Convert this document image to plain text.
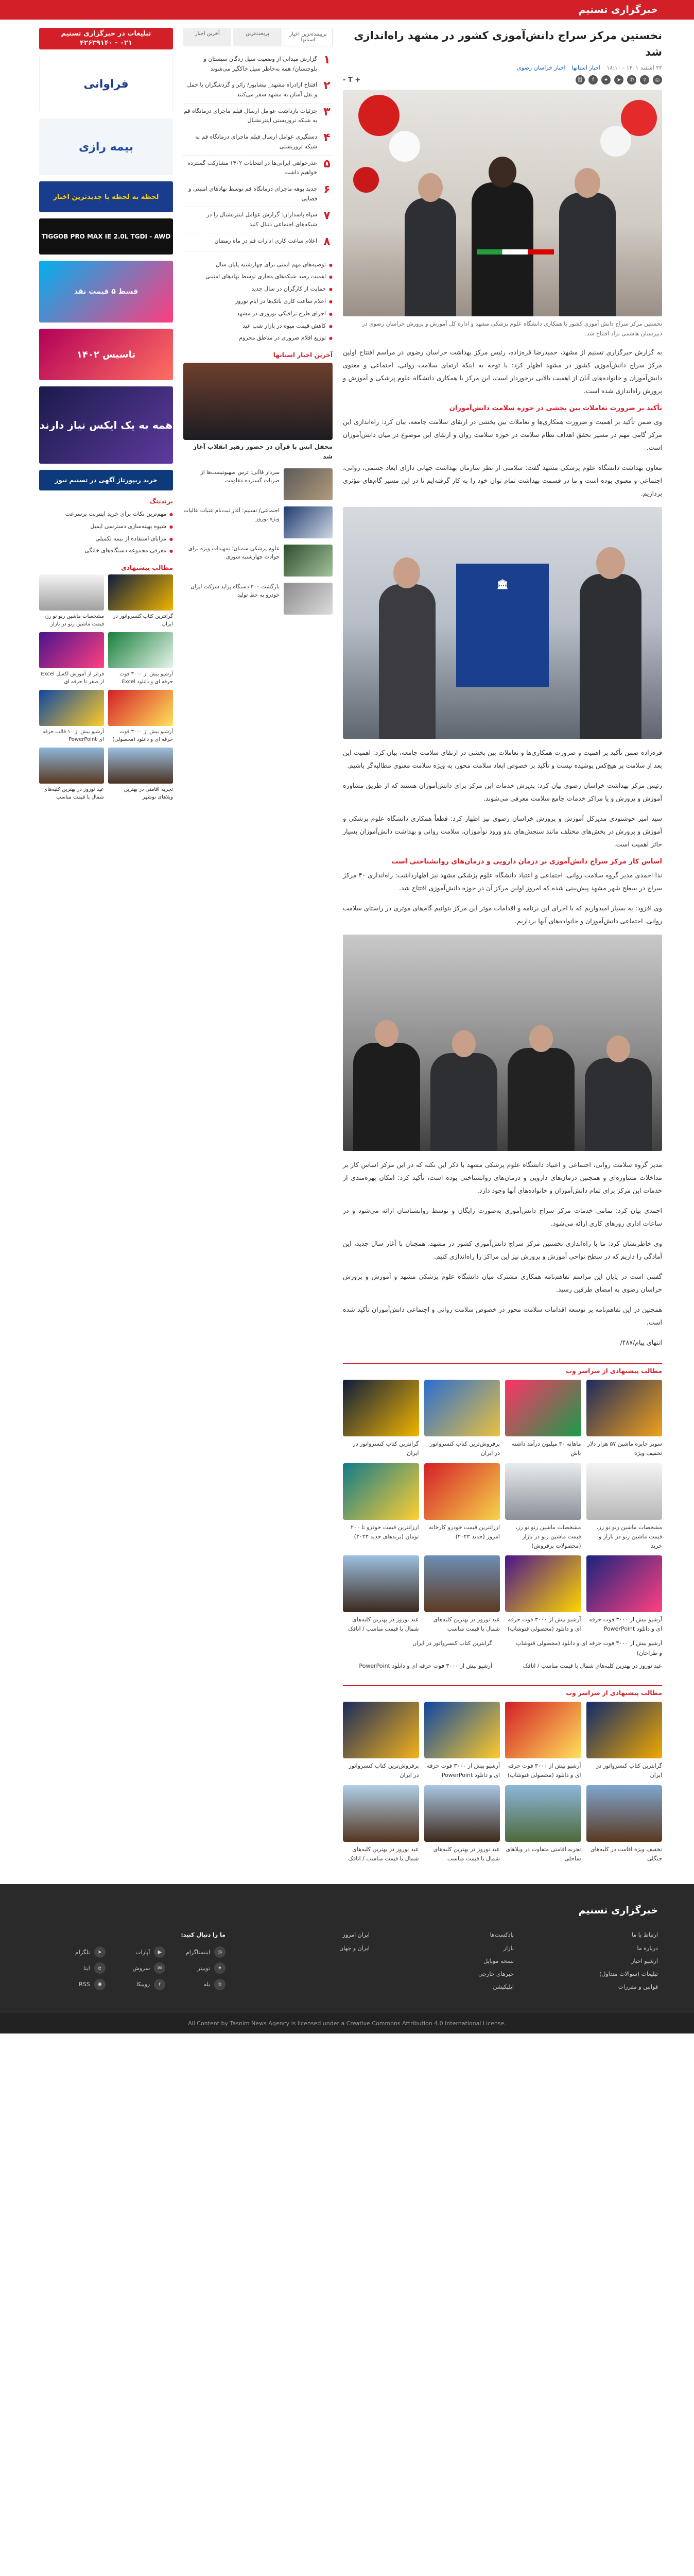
خبرگزاری تسنیم
نخستین مرکز سراج دانش‌آموزی کشور در مشهد راه‌اندازی شد
۲۲ اسفند ۱۴۰۱ - ۱۸:۱۰
اخبار استانها
اخبار خراسان رضوی
⎙
⇪
✆
➤
✦
f
⛓
+ T -

نخستین مرکز سراج دانش آموزی کشور با همکاری دانشگاه علوم پزشکی مشهد و اداره کل آموزش و پرورش خراسان رضوی در دبیرستان هاشمی نژاد افتتاح شد.

به گزارش خبرگزاری تسنیم از مشهد، حمیدرضا قره‌زاده، رئیس مرکز بهداشت خراسان رضوی در مراسم افتتاح اولین مرکز سراج دانش‌آموزی کشور در مشهد اظهار کرد: با توجه به اینکه ارتقای سلامت روانی، اجتماعی و معنوی دانش‌آموزان و خانواده‌های آنان از اهمیت بالایی برخوردار است، این مرکز با همکاری دانشگاه علوم پزشکی و آموزش و پرورش راه‌اندازی شده است.

تأکید بر ضرورت تعاملات بین بخشی در حوزه سلامت دانش‌آموزان

وی ضمن تأکید بر اهمیت و ضرورت همکاری‌ها و تعاملات بین بخشی در ارتقای سلامت جامعه، بیان کرد: راه‌اندازی این مرکز گامی مهم در مسیر تحقق اهداف نظام سلامت در حوزه سلامت روان و ارتقای این موضوع در میان دانش‌آموزان است.

معاون بهداشت دانشگاه علوم پزشکی مشهد گفت: سلامتی از نظر سازمان بهداشت جهانی دارای ابعاد جسمی، روانی، اجتماعی و معنوی بوده است و ما در قسمت بهداشت تمام توان خود را به کار گرفته‌ایم تا در این مسیر گام‌های مؤثری برداریم.

🏛

قره‌زاده ضمن تأکید بر اهمیت و ضرورت همکاری‌ها و تعاملات بین بخشی در ارتقای سلامت جامعه، بیان کرد: اهمیت این بعد از سلامت بر هیچ‌کس پوشیده نیست و تأکید بر خصوص ابعاد سلامت محور، به ویژه سلامت معنوی مطالبه‌گر باشیم.

رئیس مرکز بهداشت خراسان رضوی بیان کرد: پذیرش خدمات این مرکز برای دانش‌آموزان هستند که از طریق مشاوره آموزش و پرورش و یا مراکز خدمات جامع سلامت معرفی می‌شوند.

سید امیر خوشنودی مدیرکل آموزش و پرورش خراسان رضوی نیز اظهار کرد: قطعاً همکاری دانشگاه علوم پزشکی و آموزش و پرورش در بخش‌های مختلف مانند سنجش‌های بدو ورود نوآموزان، سلامت روانی و بهداشت دانش‌آموزان بسیار حائز اهمیت است.

اساس کار مرکز سراج دانش‌آموزی بر درمان دارویی و درمان‌های روانشناختی است

ندا احمدی مدیر گروه سلامت روانی، اجتماعی و اعتیاد دانشگاه علوم پزشکی مشهد نیز اظهارداشت: راه‌اندازی ۴۰ مرکز سراج در سطح شهر مشهد پیش‌بینی شده که امروز اولین مرکز آن در حوزه دانش‌آموزی افتتاح شد.

وی افزود: به بسیار امیدواریم که با اجرای این برنامه و اقدامات موثر این مرکز بتوانیم گام‌های موثری در راستای سلامت روانی، اجتماعی دانش‌آموزان و خانواده‌های آنها برداریم.

مدیر گروه سلامت روانی، اجتماعی و اعتیاد دانشگاه علوم پزشکی مشهد با ذکر این نکته که در این مرکز اساس کار بر مداخلات مشاوره‌ای و همچنین درمان‌های دارویی و درمان‌های روانشناختی بوده است، تأکید کرد: امکان بهره‌مندی از خدمات این مرکز برای تمام دانش‌آموزان و خانواده‌های آنها وجود دارد.

احمدی بیان کرد: تمامی خدمات مرکز سراج دانش‌آموزی به‌صورت رایگان و توسط روانشناسان ارائه می‌شود و در ساعات اداری روزهای کاری ارائه می‌شود.

وی خاطرنشان کرد: ما با راه‌اندازی نخستین مرکز سراج دانش‌آموزی کشور در مشهد، همچنان با آغاز سال جدید، این آمادگی را داریم که در سطح نواحی آموزش و پرورش نیز این مراکز را راه‌اندازی کنیم.

گفتنی است در پایان این مراسم تفاهم‌نامه همکاری مشترک میان دانشگاه علوم پزشکی مشهد و آموزش و پرورش خراسان رضوی به امضای طرفین رسید.

همچنین در این تفاهم‌نامه بر توسعه اقدامات سلامت محور در خصوص سلامت روانی و اجتماعی دانش‌آموزان تأکید شده است.

انتهای پیام/۴۸۷/

مطالب پیشنهادی از سراسر وب
سوپر جایزه ماشین ۵۷ هزار دلار تخفیف ویژه
ماهانه ۳۰ میلیون درآمد داشته باش
پرفروش‌ترین کتاب کنسرواتور در ایران
گرانترین کتاب کنسرواتور در ایران
مشخصات ماشین رنو نو رز، قیمت ماشین رنو در بازار و خرید
مشخصات ماشین رنو نو رز، قیمت ماشین رنو در بازار (محصولات پرفروش)
ارزانترین قیمت خودرو کارخانه امروز (جدید ۲۰۲۳)
ارزانترین قیمت خودرو تا ۲۰۰ تومان (برندهای جدید ۲۰۲۳)
آرشیو بیش از ۳۰۰۰ فوت حرفه ای و دانلود PowerPoint
آرشیو بیش از ۳۰۰۰ فوت حرفه ای و دانلود (محصولی فتوشاپ)
عید نوروز در بهترین کلبه‌های شمال با قیمت مناسب
عید نوروز در بهترین کلبه‌های شمال با قیمت مناسب / اتاقک
آرشیو بیش از ۳۰۰۰ فوت حرفه ای و دانلود (محصولی فتوشاپ و طراحان)
گرانترین کتاب کنسرواتور در ایران
عید نوروز در بهترین کلبه‌های شمال با قیمت مناسب / اتاقک
آرشیو بیش از ۳۰۰۰ فوت حرفه ای و دانلود PowerPoint
مطالب پیشنهادی از سراسر وب
گرانترین کتاب کنسرواتور در ایران
آرشیو بیش از ۳۰۰۰ فوت حرفه ای و دانلود (محصولی فتوشاپ)
آرشیو بیش از ۳۰۰۰ فوت حرفه ای و دانلود PowerPoint
پرفروش‌ترین کتاب کنسرواتور در ایران
تخفیف ویژه اقامت در کلبه‌های جنگلی
تجربه اقامتی متفاوت در ویلاهای ساحلی
عید نوروز در بهترین کلبه‌های شمال با قیمت مناسب
عید نوروز در بهترین کلبه‌های شمال با قیمت مناسب / اتاقک
پربیننده‌ترین اخبار استانها
پربحث‌ترین
آخرین اخبار
۱
گزارش میدانی از وضعیت سیل زدگان سیستان و بلوچستان/ همه به‌خاطر سیل خاکگیر می‌شوند
۲
افتتاح ازادراه مشهد_ نیشابور/ زائر و گردشگران با حمل و نقل آسان به مشهد سفر می‌کنند
۳
جزئیات بازداشت عوامل ارسال فیلم ماجرای درمانگاه قم به شبکه تروریستی اینترنشنال
۴
دستگیری عوامل ارسال فیلم ماجرای درمانگاه قم به شبکه تروریستی
۵
عذرخواهی ایرانی‌ها در انتخابات ۱۴۰۲ مشارکت گسترده خواهیم داشت
۶
جدید بوهه ماجرای درمانگاه قم توسط نهادهای امنیتی و قضایی
۷
سپاه پاسداران: گزارش عوامل اینترنشنال را در شبکه‌های اجتماعی دنبال کنید
۸
اعلام ساعت کاری ادارات قم در ماه رمضان
● توصیه‌های مهم ایمنی برای چهارشنبه پایان سال
● اهمیت رصد شبکه‌های مجازی توسط نهادهای امنیتی
● حمایت از کارگران در سال جدید
● اعلام ساعت کاری بانک‌ها در ایام نوروز
● اجرای طرح ترافیکی نوروزی در مشهد
● کاهش قیمت میوه در بازار شب عید
● توزیع اقلام ضروری در مناطق محروم
آخرین اخبار استانها
محفل انس با قرآن در حضور رهبر انقلاب آغاز شد
سردار قاآنی: ترس صهیونیست‌ها از ضربات گسترده مقاومت
اجتماعی/ تسنیم: آغاز ثبت‌نام عتبات عالیات ویژه نوروز
علوم پزشکی سمنان: تمهیدات ویژه برای حوادث چهارشنبه سوری
بازگشت ۳۰۰ دستگاه پراید شرکت ایران خودرو به خط تولید
تبلیغات در خبرگزاری تسنیم
۰۲۱ - ۴۲۶۳۹۱۴۰
فراوانی
بیمه رازی
لحظه به لحظه با جدیدترین اخبار
TIGGOB PRO MAX IE 2.0L TGDI - AWD
قسط ۵ قیمت نقد
تاسیس ۱۴۰۲
همه به یک ایکس نیاز دارند
خرید ریپورتاژ آگهی در تسنیم نیوز
برندینگ
● مهم‌ترین نکات برای خرید اینترنت پرسرعت
● شیوه بهینه‌سازی دسترسی ایمیل
● مزایای استفاده از بیمه تکمیلی
● معرفی مجموعه دستگاه‌های خانگی
مطالب پیشنهادی
گرانترین کتاب کنسرواتور در ایران
مشخصات ماشین رنو نو رز، قیمت ماشین رنو در بازار
آرشیو بیش از ۳۰۰۰ فوت حرفه ای و دانلود Excel
فراتر از آموزش اکسل Excel از صفر تا حرفه ای
آرشیو بیش از ۳۰۰۰ فوت حرفه ای و دانلود (محصولی)
آرشیو بیش از ۱۰ قالب حرفه ای PowerPoint
تجربه اقامتی در بهترین ویلاهای نوشهر
عید نوروز در بهترین کلبه‌های شمال با قیمت مناسب
خبرگزاری تسنیم
ارتباط با ما
درباره ما
آرشیو اخبار
تبلیغات (سوالات متداول)
قوانین و مقررات
پادکست‌ها
بازار
نسخه موبایل
خبرهای خارجی
اپلیکیشن
ایران امروز
ایران و جهان
ما را دنبال کنید:
◎
اینستاگرام
▶
آپارات
➤
تلگرام
✦
توییتر
✉
سروش
e
ایتا
b
بله
r
روبیکا
◉
RSS
All Content by Tasnim News Agency is licensed under a Creative Commons Attribution 4.0 International License.
